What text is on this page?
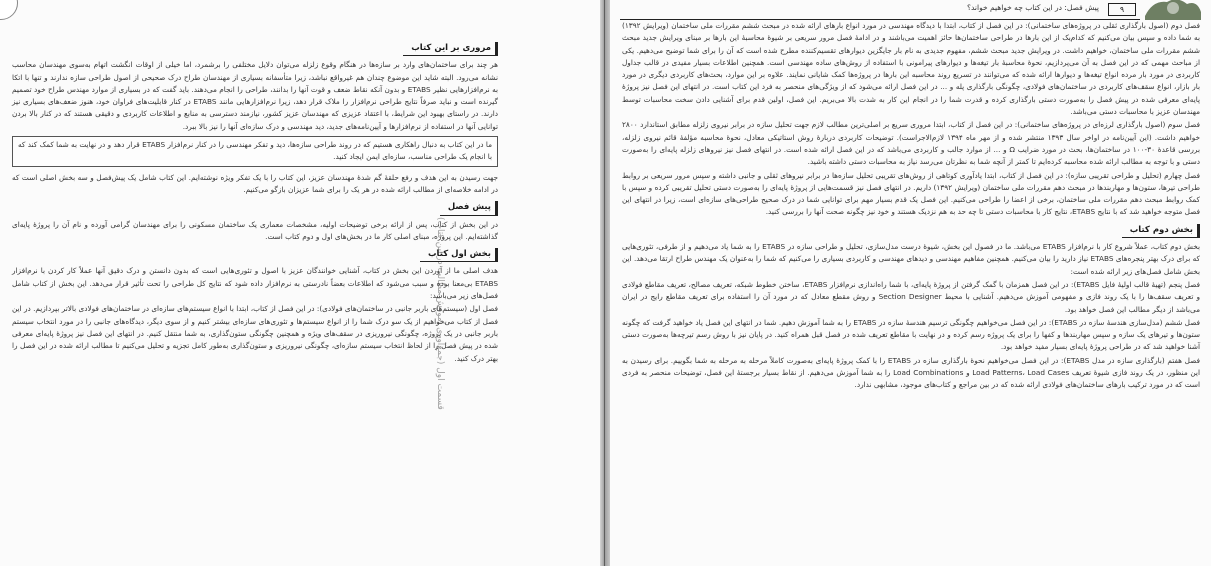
قسمت اول (جمع‌آوری آموزش مطالب در این کتاب)
مروری بر این کتاب

هر چند برای ساختمان‌های وارد بر سازه‌ها در هنگام وقوع زلزله می‌توان دلایل مختلفی را برشمرد، اما خیلی از اوقات انگشت اتهام به‌سوی مهندسان محاسب نشانه می‌رود. البته شاید این موضوع چندان هم غیرواقع نباشد، زیرا متأسفانه بسیاری از مهندسان طراح درک صحیحی از اصول طراحی سازه ندارند و تنها با اتکا به نرم‌افزارهایی نظیر ETABS و بدون آنکه نقاط ضعف و قوت آنها را بدانند، طراحی را انجام می‌دهند. باید گفت که در بسیاری از موارد مهندس طراح خود تصمیم گیرنده است و نباید صرفاً نتایج طراحی نرم‌افزار را ملاک قرار دهد، زیرا نرم‌افزارهایی مانند ETABS در کنار قابلیت‌های فراوان خود، هنوز ضعف‌های بسیاری نیز دارند. در راستای بهبود این شرایط، با اعتقاد عزیزی که مهندسان عزیز کشور، نیازمند دسترسی به منابع و اطلاعات کاربردی و دقیقی هستند که در کنار بالا بردن توانایی آنها در استفاده از نرم‌افزارها و آیین‌نامه‌های جدید، دید مهندسی و درک سازه‌ای آنها را نیز بالا ببرد.

ما در این کتاب به دنبال راهکاری هستیم که در روند طراحی سازه‌ها، دید و تفکر مهندسی را در کنار نرم‌افزار ETABS قرار دهد و در نهایت به شما کمک کند که با انجام یک طراحی مناسب، سازه‌ای ایمن ایجاد کنید.

جهت رسیدن به این هدف و رفع حلقهٔ گم شدهٔ مهندسان عزیز، این کتاب را با یک تفکر ویژه نوشته‌ایم. این کتاب شامل یک پیش‌فصل و سه بخش اصلی است که در ادامه خلاصه‌ای از مطالب ارائه شده در هر یک را برای شما عزیزان بازگو می‌کنیم.

پیش فصل

در این بخش از کتاب، پس از ارائه برخی توضیحات اولیه، مشخصات معماری یک ساختمان مسکونی را برای مهندسان گرامی آورده و نام آن را پروژهٔ پایه‌ای گذاشته‌ایم. این پروژه، مبنای اصلی کار ما در بخش‌های اول و دوم کتاب است.

بخش اول کتاب

هدف اصلی ما از آوردن این بخش در کتاب، آشنایی خوانندگان عزیز با اصول و تئوری‌هایی است که بدون دانستن و درک دقیق آنها عملاً کار کردن با نرم‌افزار ETABS بی‌معنا بوده و سبب می‌شود که اطلاعات بعضاً نادرستی به نرم‌افزار داده شود که نتایج کل طراحی را تحت تأثیر قرار می‌دهد. این بخش از کتاب شامل فصل‌های زیر می‌باشد:

فصل اول (سیستم‌های باربر جانبی در ساختمان‌های فولادی): در این فصل از کتاب، ابتدا با انواع سیستم‌های سازه‌ای در ساختمان‌های فولادی بالاتر بپردازیم. در این فصل از کتاب می‌خواهیم از یک سو درک شما را از انواع سیستم‌ها و تئوری‌های سازه‌ای بیشتر کنیم و از سوی دیگر، دیدگاه‌های جانبی را در مورد انتخاب سیستم باربر جانبی در یک پروژه، چگونگی نیروریزی در سقف‌های ویژه و همچنین چگونگی ستون‌گذاری، به شما منتقل کنیم. در انتهای این فصل نیز پروژهٔ پایه‌ای معرفی شده در پیش فصل را از لحاظ انتخاب سیستم سازه‌ای، چگونگی نیروریزی و ستون‌گذاری به‌طور کامل تجزیه و تحلیل می‌کنیم تا مطالب ارائه شده در این فصل را بهتر درک کنید.

پیش فصل: در این کتاب چه خواهیم خواند؟	۹

فصل دوم (اصول بارگذاری ثقلی در پروژه‌های ساختمانی): در این فصل از کتاب، ابتدا با دیدگاه مهندسی در مورد انواع بارهای ارائه شده در مبحث ششم مقررات ملی ساختمان (ویرایش ۱۳۹۲) به شما داده و سپس بیان می‌کنیم که کدام‌یک از این بارها در طراحی ساختمان‌ها حائز اهمیت می‌باشند و در ادامهٔ فصل مرور سریعی بر شیوهٔ محاسبهٔ این بارها بر مبنای ویرایش جدید مبحث ششم مقررات ملی ساختمان، خواهیم داشت. در ویرایش جدید مبحث ششم، مفهوم جدیدی به نام بار جایگزین دیوارهای تقسیم‌کننده مطرح شده است که آن را برای شما توضیح می‌دهیم. یکی از مباحث مهمی که در این فصل به آن می‌پردازیم، نحوهٔ محاسبهٔ بار تیغه‌ها و دیوارهای پیرامونی با استفاده از روش‌های ساده مهندسی است. همچنین اطلاعات بسیار مفیدی در قالب جداول کاربردی در مورد بار مرده انواع تیغه‌ها و دیوارها ارائه شده که می‌توانند در تسریع روند محاسبه این بارها در پروژه‌ها کمک شایانی نمایند. علاوه بر این موارد، بحث‌های کاربردی دیگری در مورد بار بازار، انواع سقف‌های کاربردی در ساختمان‌های فولادی، چگونگی بارگذاری پله و ... در این فصل ارائه می‌شود که از ویژگی‌های منحصر به فرد این کتاب است. در انتهای این فصل نیز پروژهٔ پایه‌ای معرفی شده در پیش فصل را به‌صورت دستی بارگذاری کرده و قدرت شما را در انجام این کار به شدت بالا می‌بریم. این فصل، اولین قدم برای آشنایی دادن سخت محاسبات توسط مهندسان عزیز با محاسبات دستی می‌باشد.

فصل سوم (اصول بارگذاری لرزه‌ای در پروژه‌های ساختمانی): در این فصل از کتاب، ابتدا مروری سریع بر اصلی‌ترین مطالب لازم جهت تحلیل سازه در برابر نیروی زلزله مطابق استاندارد ۲۸۰۰ خواهیم داشت. (این آیین‌نامه در اواخر سال ۱۳۹۳ منتشر شده و از مهر ماه ۱۳۹۴ لازم‌الاجراست). توضیحات کاربردی دربارهٔ روش استاتیکی معادل، نحوهٔ محاسبه مؤلفهٔ قائم نیروی زلزله، بررسی قاعدهٔ ۳۰-۱۰۰ در ساختمان‌ها، بحث در مورد ضرایب Ω و ... از موارد جالب و کاربردی می‌باشد که در این فصل ارائه شده است. در انتهای فصل نیز نیروهای زلزله پایه‌ای را به‌صورت دستی و با توجه به مطالب ارائه شده محاسبه کرده‌ایم تا کمتر از آنچه شما به نظرتان می‌رسد نیاز به محاسبات دستی داشته باشید.

فصل چهارم (تحلیل و طراحی تقریبی سازه): در این فصل از کتاب، ابتدا یادآوری کوتاهی از روش‌های تقریبی تحلیل سازه‌ها در برابر نیروهای ثقلی و جانبی داشته و سپس مرور سریعی بر روابط طراحی تیرها، ستون‌ها و مهاربندها در مبحث دهم مقررات ملی ساختمان (ویرایش ۱۳۹۲) داریم. در انتهای فصل نیز قسمت‌هایی از پروژهٔ پایه‌ای را به‌صورت دستی تحلیل تقریبی کرده و سپس با کمک روابط مبحث دهم مقررات ملی ساختمان، برخی از اعضا را طراحی می‌کنیم. این فصل یک قدم بسیار مهم برای توانایی شما در درک صحیح طراحی‌های سازه‌ای است، زیرا در انتهای این فصل متوجه خواهید شد که با نتایج ETABS، نتایج کار با محاسبات دستی تا چه حد به هم نزدیک هستند و خود نیز چگونه صحت آنها را بررسی کنید.

بخش دوم کتاب

بخش دوم کتاب، عملاً شروع کار با نرم‌افزار ETABS می‌باشد. ما در فصول این بخش، شیوهٔ درست مدل‌سازی، تحلیل و طراحی سازه در ETABS را به شما یاد می‌دهیم و از طرفی، تئوری‌هایی که برای درک بهتر پنجره‌های ETABS نیاز دارید را بیان می‌کنیم. همچنین مفاهیم مهندسی و دیدهای مهندسی و کاربردی بسیاری را می‌کنیم که شما را به‌عنوان یک مهندس طراح ارتقا می‌دهد. این بخش شامل فصل‌های زیر ارائه شده است:

فصل پنجم (تهیهٔ قالب اولیهٔ فایل ETABS): در این فصل همزمان با گمک گرفتن از پروژهٔ پایه‌ای، با شما راه‌اندازی نرم‌افزار ETABS، ساختن خطوط شبکه، تعریف مصالح، تعریف مقاطع فولادی و تعریف سقف‌ها را با یک روند فازی و مفهومی آموزش می‌دهیم. آشنایی با محیط Section Designer و روش مقطع معادل که در مورد آن را استفاده برای تعریف مقاطع رایج در ایران می‌باشد از دیگر مطالب این فصل خواهد بود.

فصل ششم (مدل‌سازی هندسهٔ سازه در ETABS): در این فصل می‌خواهیم چگونگی ترسیم هندسهٔ سازه در ETABS را به شما آموزش دهیم. شما در انتهای این فصل یاد خواهید گرفت که چگونه ستون‌ها و تیرهای یک سازه و سپس مهاربندها و کفها را برای یک پروژه رسم کرده و در نهایت با مقاطع تعریف شده در فصل قبل همراه کنید. در پایان نیز با روش رسم تیرچه‌ها به‌صورت دستی آشنا خواهید شد که در طراحی پروژهٔ پایه‌ای بسیار مفید خواهد بود.

فصل هفتم (بارگذاری سازه در مدل ETABS): در این فصل می‌خواهیم نحوهٔ بارگذاری سازه در ETABS را با کمک پروژهٔ پایه‌ای به‌صورت کاملاً مرحله به مرحله به شما بگوییم. برای رسیدن به این منظور، در یک روند فازی شیوهٔ تعریف Load Patterns، Load Cases و Load Combinations را به شما آموزش می‌دهیم. از نقاط بسیار برجستهٔ این فصل، توضیحات منحصر به فردی است که در مورد ترکیب بارهای ساختمان‌های فولادی ارائه شده که در بین مراجع و کتاب‌های موجود، مشابهی ندارد.
